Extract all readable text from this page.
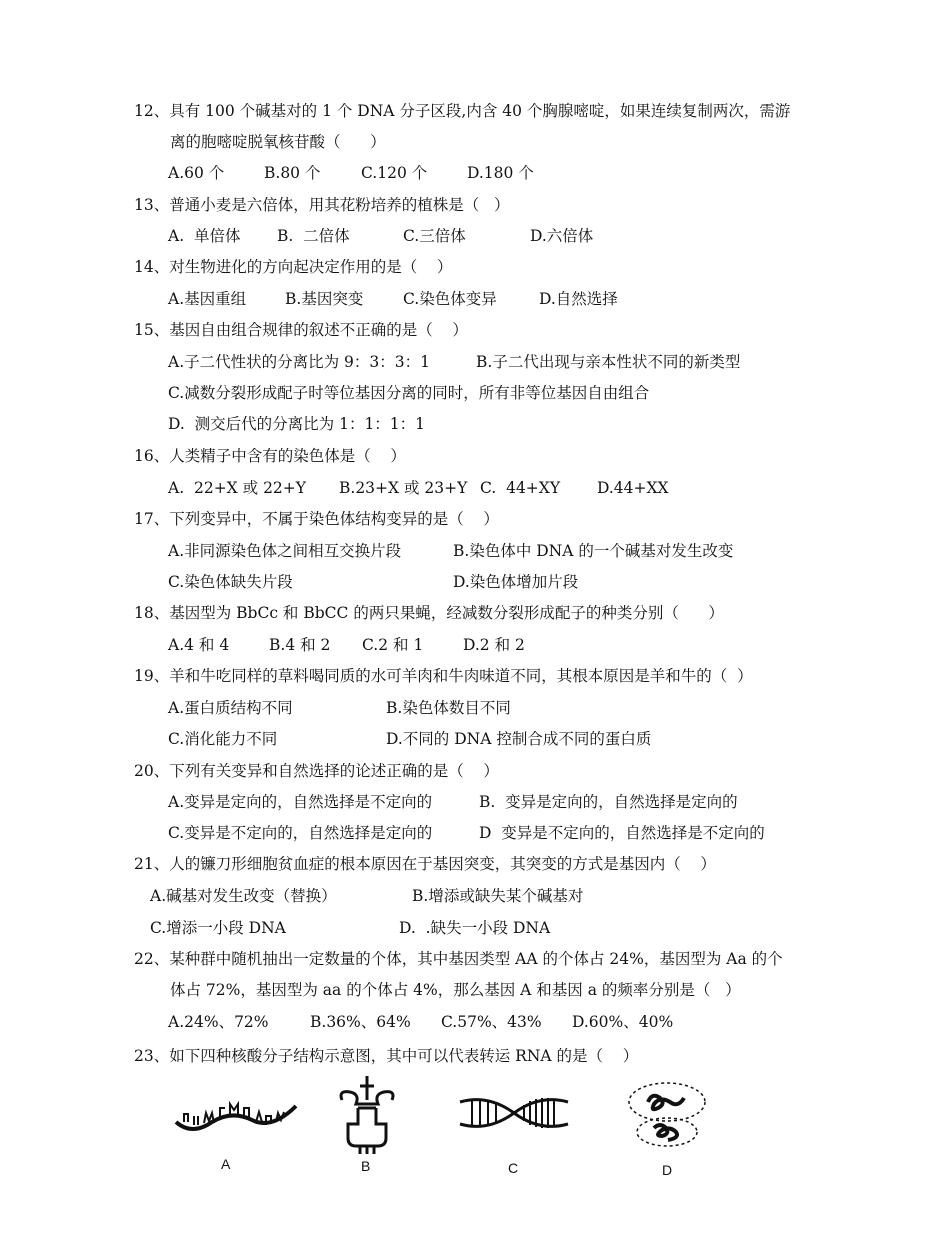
12、具有 100 个碱基对的 1 个 DNA 分子区段,内含 40 个胸腺嘧啶，如果连续复制两次，需游
离的胞嘧啶脱氧核苷酸（      ）
A.60 个	B.80 个	C.120 个	D.180 个
13、普通小麦是六倍体，用其花粉培养的植株是（   ）
A.  单倍体 B.  二倍体	C.三倍体	D.六倍体
14、对生物进化的方向起决定作用的是（    ）
A.基因重组	B.基因突变	C.染色体变异	D.自然选择
15、基因自由组合规律的叙述不正确的是（    ）
A.子二代性状的分离比为 9：3：3：1	B.子二代出现与亲本性状不同的新类型
C.减数分裂形成配子时等位基因分离的同时，所有非等位基因自由组合
D.  测交后代的分离比为 1：1：1：1
16、人类精子中含有的染色体是（    ）
A.  22+X 或 22+Y B.23+X 或 23+Y C.  44+XY D.44+XX
17、下列变异中，不属于染色体结构变异的是（    ）
A.非同源染色体之间相互交换片段	B.染色体中 DNA 的一个碱基对发生改变
C.染色体缺失片段	D.染色体增加片段
18、基因型为 BbCc 和 BbCC 的两只果蝇，经减数分裂形成配子的种类分别（      ）
A.4 和 4	B.4 和 2 C.2 和 1	D.2 和 2
19、羊和牛吃同样的草料喝同质的水可羊肉和牛肉味道不同，其根本原因是羊和牛的（  ）
A.蛋白质结构不同	B.染色体数目不同
C.消化能力不同	D.不同的 DNA 控制合成不同的蛋白质
20、下列有关变异和自然选择的论述正确的是（    ）
A.变异是定向的，自然选择是不定向的	B.  变异是定向的，自然选择是定向的
C.变异是不定向的，自然选择是定向的	D  变异是不定向的，自然选择是不定向的
21、人的镰刀形细胞贫血症的根本原因在于基因突变，其突变的方式是基因内（    ）
A.碱基对发生改变（替换）	B.增添或缺失某个碱基对
C.增添一小段 DNA	D.  .缺失一小段 DNA
22、某种群中随机抽出一定数量的个体，其中基因类型 AA 的个体占 24%，基因型为 Aa 的个
体占 72%，基因型为 aa 的个体占 4%，那么基因 A 和基因 a 的频率分别是（   ）
A.24%、72%	B.36%、64% C.57%、43% D.60%、40%
23、如下四种核酸分子结构示意图，其中可以代表转运 RNA 的是（    ）
A	B	C	D
